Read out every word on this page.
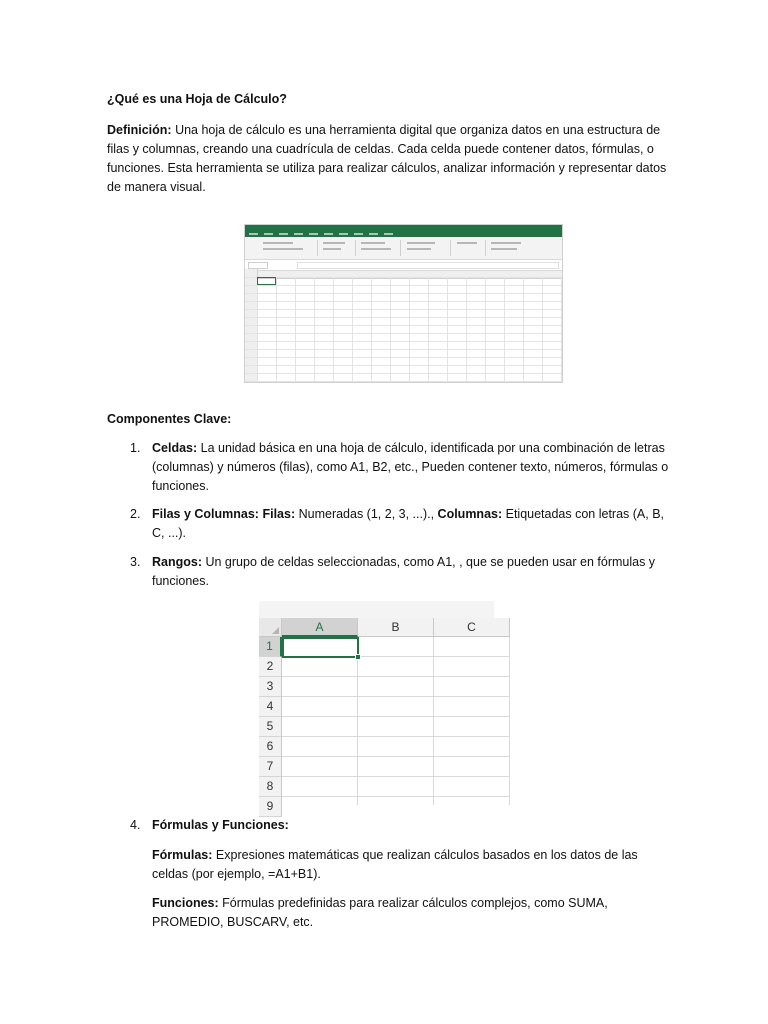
¿Qué es una Hoja de Cálculo?

Definición: Una hoja de cálculo es una herramienta digital que organiza datos en una estructura de filas y columnas, creando una cuadrícula de celdas. Cada celda puede contener datos, fórmulas, o funciones. Esta herramienta se utiliza para realizar cálculos, analizar información y representar datos de manera visual.

Componentes Clave:

1. Celdas: La unidad básica en una hoja de cálculo, identificada por una combinación de letras (columnas) y números (filas), como A1, B2, etc., Pueden contener texto, números, fórmulas o funciones.
2. Filas y Columnas: Filas: Numeradas (1, 2, 3, ...)., Columnas: Etiquetadas con letras (A, B, C, ...).
3. Rangos: Un grupo de celdas seleccionadas, como A1, , que se pueden usar en fórmulas y funciones.
A	B	C
1
2
3
4
5
6
7
8
9
4. Fórmulas y Funciones:

Fórmulas: Expresiones matemáticas que realizan cálculos basados en los datos de las celdas (por ejemplo, =A1+B1).

Funciones: Fórmulas predefinidas para realizar cálculos complejos, como SUMA, PROMEDIO, BUSCARV, etc.
